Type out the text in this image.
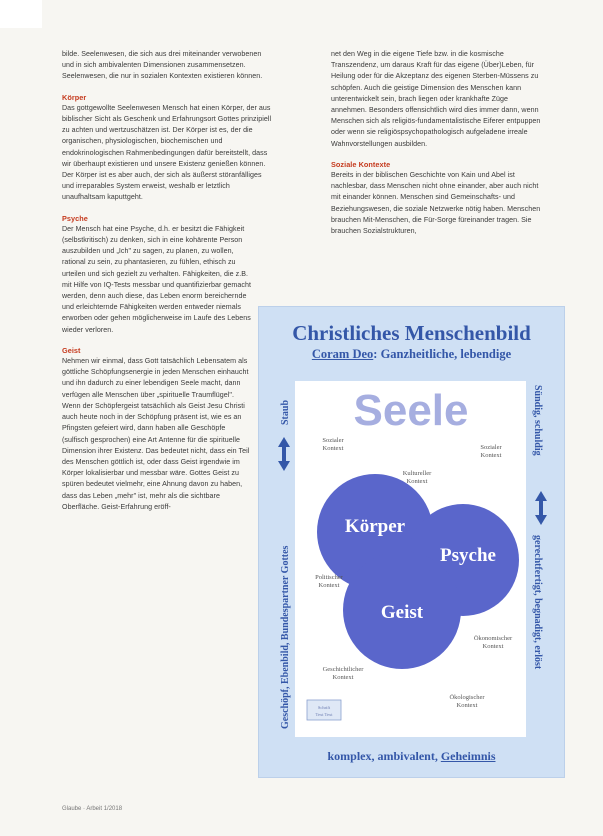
bilde. Seelenwesen, die sich aus drei miteinander verwobenen und in sich ambivalenten Dimensionen zusammensetzen. Seelenwesen, die nur in sozialen Kontexten existieren können.

Körper

Das gottgewollte Seelenwesen Mensch hat einen Körper, der aus biblischer Sicht als Geschenk und Erfahrungsort Gottes prinzipiell zu achten und wertzuschätzen ist. Der Körper ist es, der die organischen, physiologischen, biochemischen und endokrinologischen Rahmenbedingungen dafür bereitstellt, dass wir überhaupt existieren und unsere Existenz genießen können. Der Körper ist es aber auch, der sich als äußerst störanfälliges und irreparables System erweist, weshalb er letztlich unaufhaltsam kaputtgeht.

Psyche

Der Mensch hat eine Psyche, d.h. er besitzt die Fähigkeit (selbstkritisch) zu denken, sich in eine kohärente Person auszubilden und „Ich" zu sagen, zu planen, zu wollen, rational zu sein, zu phantasieren, zu fühlen, ethisch zu urteilen und sich gezielt zu verhalten. Fähigkeiten, die z.B. mit Hilfe von IQ-Tests messbar und quantifizierbar gemacht werden, denn auch diese, das Leben enorm bereichernde und erleichternde Fähigkeiten werden entweder niemals erworben oder gehen möglicherweise im Laufe des Lebens wieder verloren.

Geist

Nehmen wir einmal, dass Gott tatsächlich Lebensatem als göttliche Schöpfungsenergie in jeden Menschen einhaucht und ihn dadurch zu einer lebendigen Seele macht, dann verfügen alle Menschen über „spirituelle Traumflügel". Wenn der Schöpfergeist tatsächlich als Geist Jesu Christi auch heute noch in der Schöpfung präsent ist, wie es an Pfingsten gefeiert wird, dann haben alle Geschöpfe (sulfisch gesprochen) eine Art Antenne für die spirituelle Dimension ihrer Existenz. Das bedeutet nicht, dass ein Teil des Menschen göttlich ist, oder dass Geist irgendwie im Körper lokalisierbar und messbar wäre. Gottes Geist zu spüren bedeutet vielmehr, eine Ahnung davon zu haben, dass das Leben „mehr" ist, mehr als die sichtbare Oberfläche. Geist-Erfahrung eröff-

net den Weg in die eigene Tiefe bzw. in die kosmische Transzendenz, um daraus Kraft für das eigene (Über)Leben, für Heilung oder für die Akzeptanz des eigenen Sterben-Müssens zu schöpfen. Auch die geistige Dimension des Menschen kann unterentwickelt sein, brach liegen oder krankhafte Züge annehmen. Besonders offensichtlich wird dies immer dann, wenn Menschen sich als religiös-fundamentalistische Eiferer entpuppen oder wenn sie religiöspsychopathologisch aufgeladene irreale Wahnvorstellungen ausbilden.

Soziale Kontexte

Bereits in der biblischen Geschichte von Kain und Abel ist nachlesbar, dass Menschen nicht ohne einander, aber auch nicht mit einander können. Menschen sind Gemeinschafts- und Beziehungswesen, die soziale Netzwerke nötig haben. Menschen brauchen Mit-Menschen, die Für-Sorge füreinander tragen. Sie brauchen Sozialstrukturen,

Christliches Menschenbild
Coram Deo: Ganzheitliche, lebendige
Seele
Körper
Psyche
Geist
Sozialer
Kontext	Sozialer
Kontext
Kultureller
Kontext
Politischer
Kontext
Ökonomischer
Kontext
Geschichtlicher
Kontext
Ökologischer
Kontext
Schrift
Text Text
Staub
Geschöpf, Ebenbild, Bundespartner Gottes
Sündig, schuldig
gerechtfertigt, begnadigt, erlöst
komplex, ambivalent, Geheimnis
Glaube · Arbeit 1/2018
